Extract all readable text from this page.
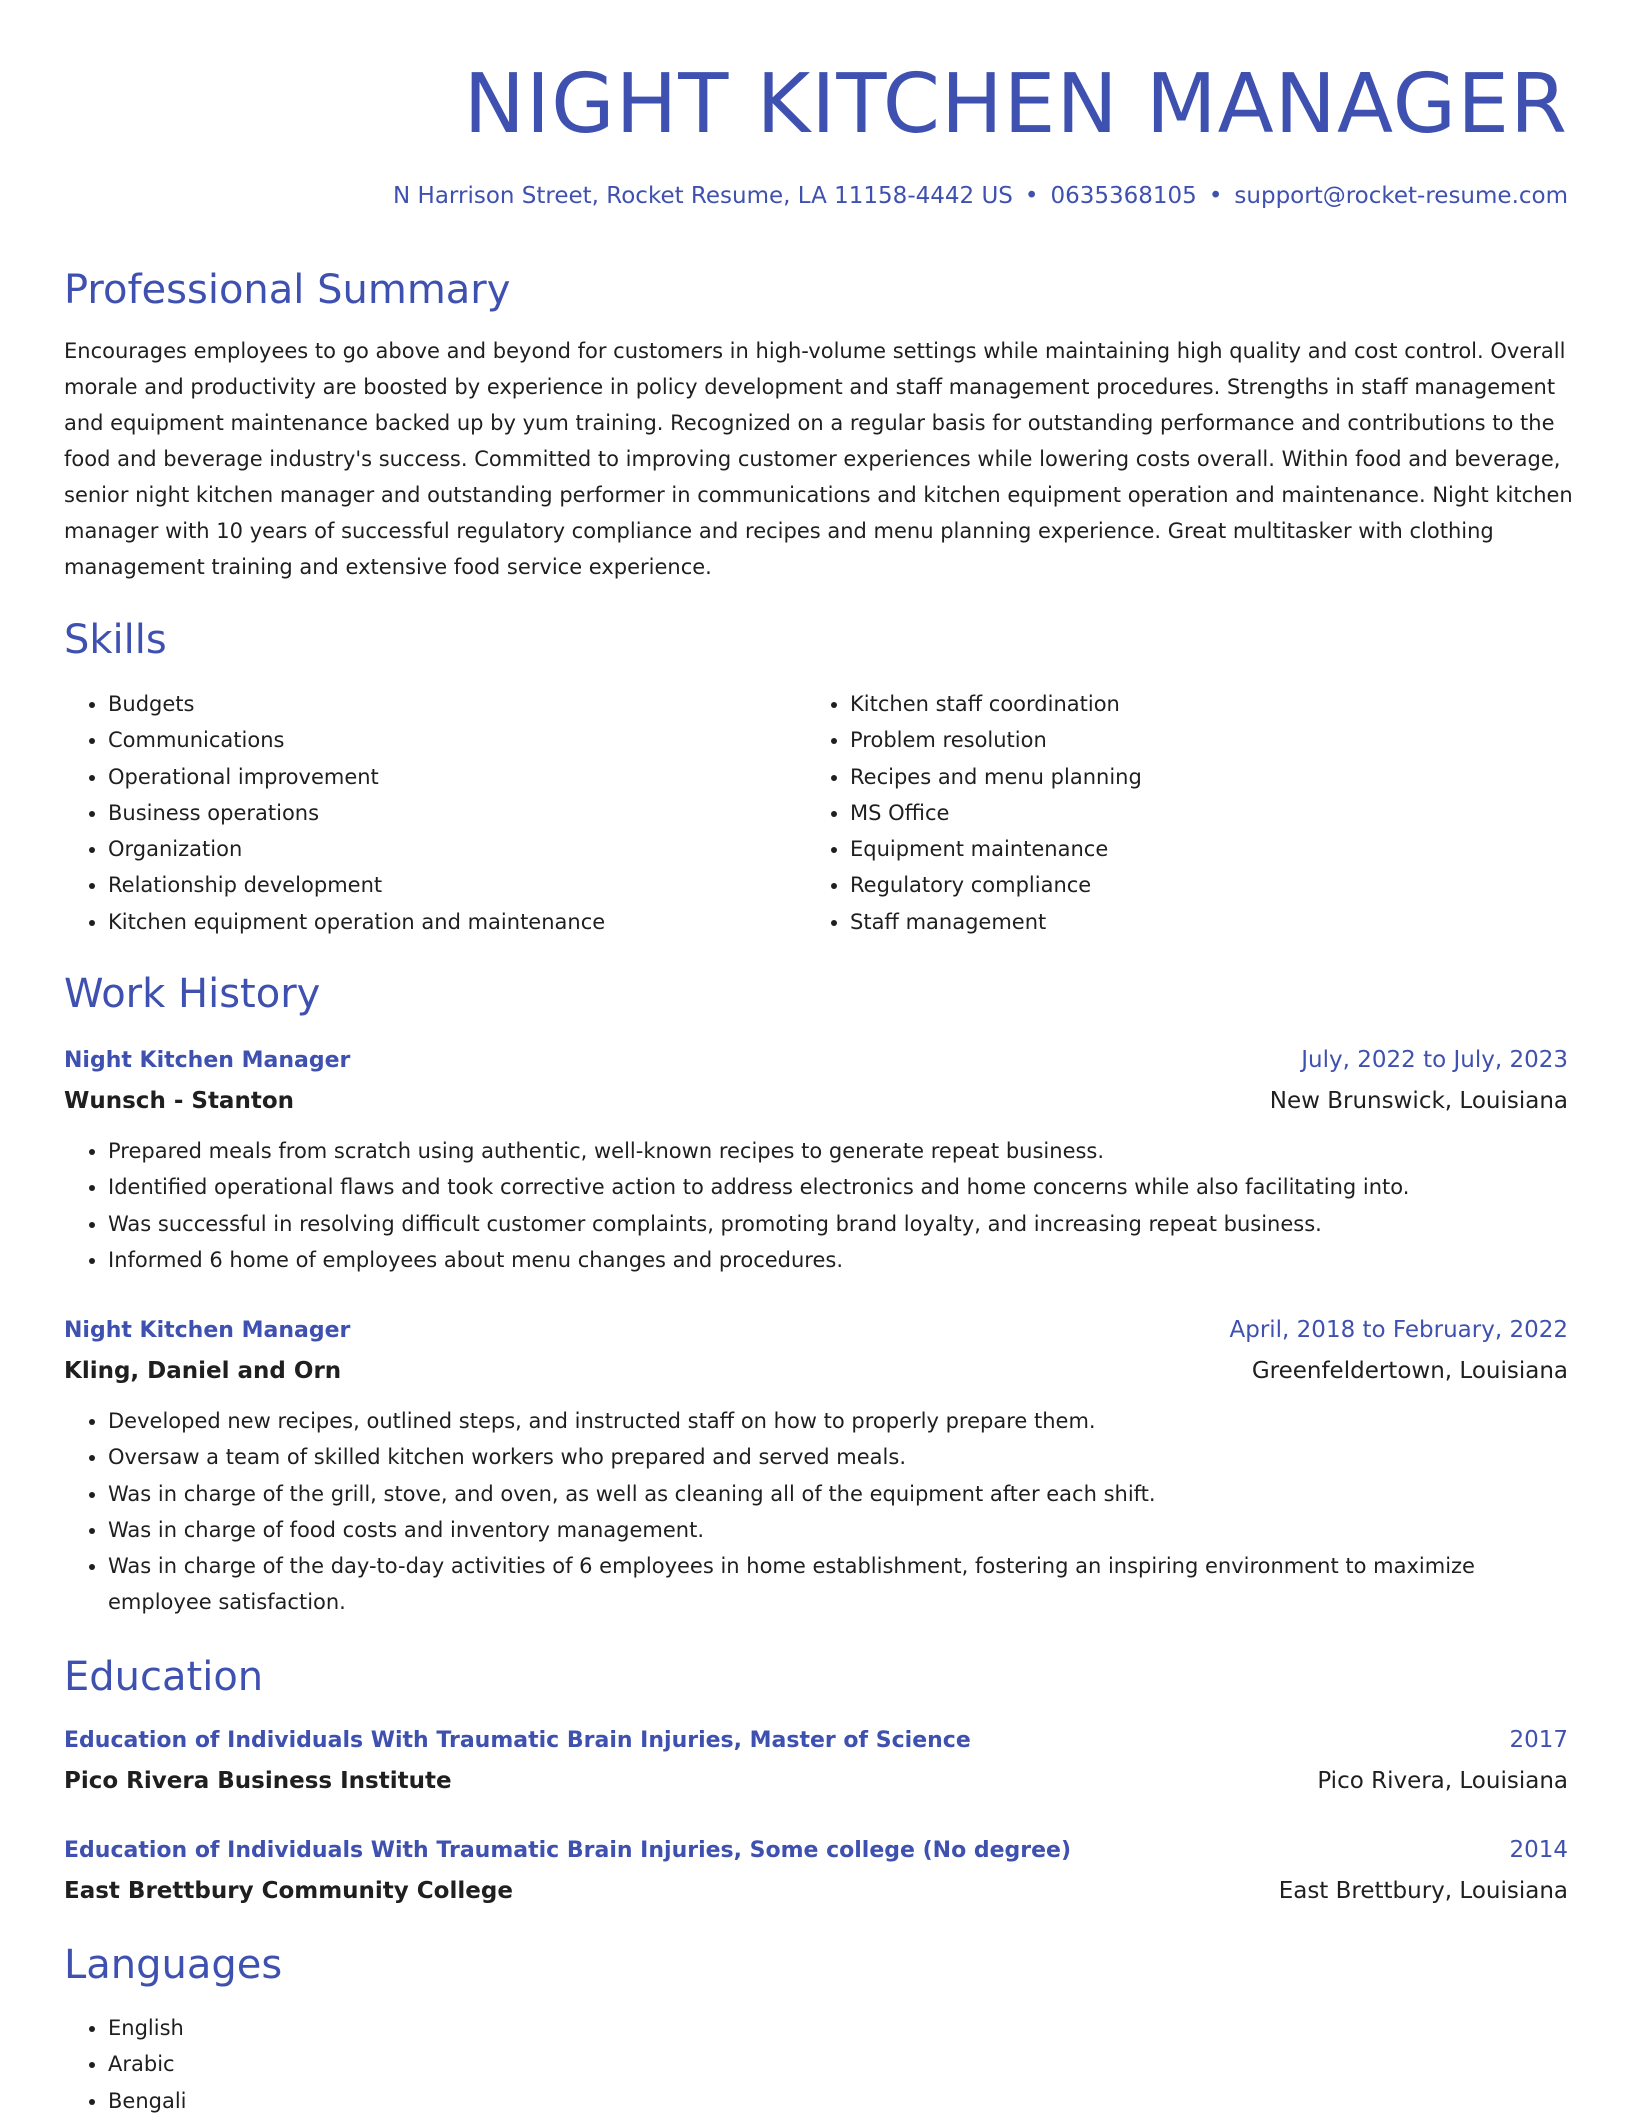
NIGHT KITCHEN MANAGER
N Harrison Street, Rocket Resume, LA 11158-4442 US • 0635368105 • support@rocket-resume.com
Professional Summary

Encourages employees to go above and beyond for customers in high-volume settings while maintaining high quality and cost control. Overall morale and productivity are boosted by experience in policy development and staff management procedures. Strengths in staff management and equipment maintenance backed up by yum training. Recognized on a regular basis for outstanding performance and contributions to the food and beverage industry's success. Committed to improving customer experiences while lowering costs overall. Within food and beverage, senior night kitchen manager and outstanding performer in communications and kitchen equipment operation and maintenance. Night kitchen manager with 10 years of successful regulatory compliance and recipes and menu planning experience. Great multitasker with clothing management training and extensive food service experience.

Skills
• Budgets
• Communications
• Operational improvement
• Business operations
• Organization
• Relationship development
• Kitchen equipment operation and maintenance
• Kitchen staff coordination
• Problem resolution
• Recipes and menu planning
• MS Office
• Equipment maintenance
• Regulatory compliance
• Staff management
Work History
Night Kitchen Manager	July, 2022 to July, 2023
Wunsch - Stanton	New Brunswick, Louisiana
• Prepared meals from scratch using authentic, well-known recipes to generate repeat business.
• Identified operational flaws and took corrective action to address electronics and home concerns while also facilitating into.
• Was successful in resolving difficult customer complaints, promoting brand loyalty, and increasing repeat business.
• Informed 6 home of employees about menu changes and procedures.
Night Kitchen Manager	April, 2018 to February, 2022
Kling, Daniel and Orn	Greenfeldertown, Louisiana
• Developed new recipes, outlined steps, and instructed staff on how to properly prepare them.
• Oversaw a team of skilled kitchen workers who prepared and served meals.
• Was in charge of the grill, stove, and oven, as well as cleaning all of the equipment after each shift.
• Was in charge of food costs and inventory management.
• Was in charge of the day-to-day activities of 6 employees in home establishment, fostering an inspiring environment to maximize employee satisfaction.
Education
Education of Individuals With Traumatic Brain Injuries, Master of Science	2017
Pico Rivera Business Institute	Pico Rivera, Louisiana
Education of Individuals With Traumatic Brain Injuries, Some college (No degree)	2014
East Brettbury Community College	East Brettbury, Louisiana
Languages
• English
• Arabic
• Bengali
